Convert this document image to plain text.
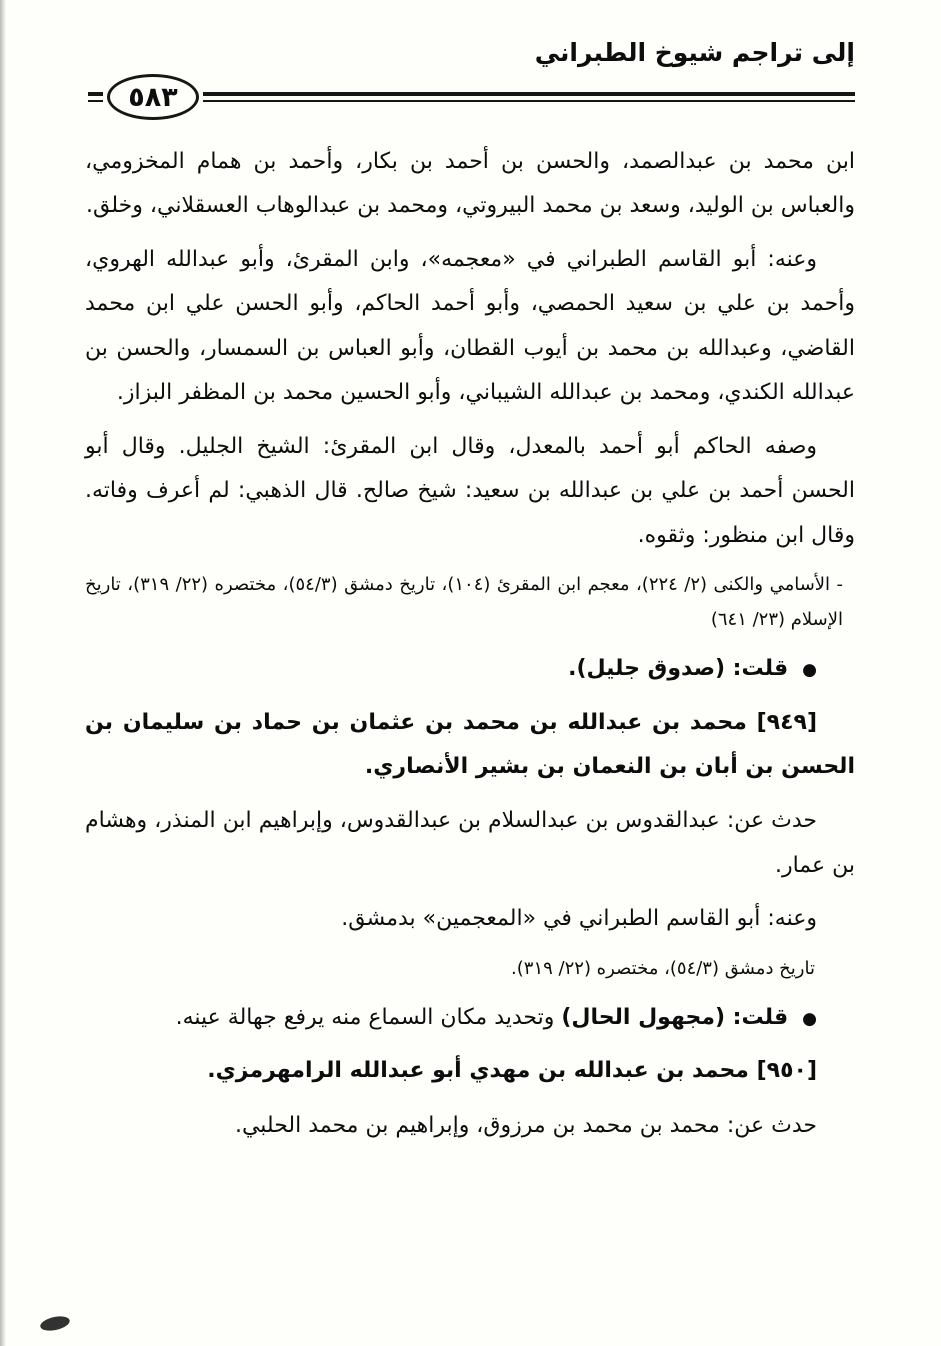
إلى تراجم شيوخ الطبراني
٥٨٣

ابن محمد بن عبدالصمد، والحسن بن أحمد بن بكار، وأحمد بن همام المخزومي، والعباس بن الوليد، وسعد بن محمد البيروتي، ومحمد بن عبدالوهاب العسقلاني، وخلق.

وعنه: أبو القاسم الطبراني في «معجمه»، وابن المقرئ، وأبو عبدالله الهروي، وأحمد بن علي بن سعيد الحمصي، وأبو أحمد الحاكم، وأبو الحسن علي ابن محمد القاضي، وعبدالله بن محمد بن أيوب القطان، وأبو العباس بن السمسار، والحسن بن عبدالله الكندي، ومحمد بن عبدالله الشيباني، وأبو الحسين محمد بن المظفر البزاز.

وصفه الحاكم أبو أحمد بالمعدل، وقال ابن المقرئ: الشيخ الجليل. وقال أبو الحسن أحمد بن علي بن عبدالله بن سعيد: شيخ صالح. قال الذهبي: لم أعرف وفاته. وقال ابن منظور: وثقوه.

- الأسامي والكنى (٢/ ٢٢٤)، معجم ابن المقرئ (١٠٤)، تاريخ دمشق (٥٤/٣)، مختصره (٢٢/ ٣١٩)، تاريخ الإسلام (٢٣/ ٦٤١)

● قلت: (صدوق جليل).

[٩٤٩] محمد بن عبدالله بن محمد بن عثمان بن حماد بن سليمان بن الحسن بن أبان بن النعمان بن بشير الأنصاري.

حدث عن: عبدالقدوس بن عبدالسلام بن عبدالقدوس، وإبراهيم ابن المنذر، وهشام بن عمار.

وعنه: أبو القاسم الطبراني في «المعجمين» بدمشق.

تاريخ دمشق (٥٤/٣)، مختصره (٢٢/ ٣١٩).

● قلت: (مجهول الحال) وتحديد مكان السماع منه يرفع جهالة عينه.

[٩٥٠] محمد بن عبدالله بن مهدي أبو عبدالله الرامهرمزي.

حدث عن: محمد بن محمد بن مرزوق، وإبراهيم بن محمد الحلبي.
